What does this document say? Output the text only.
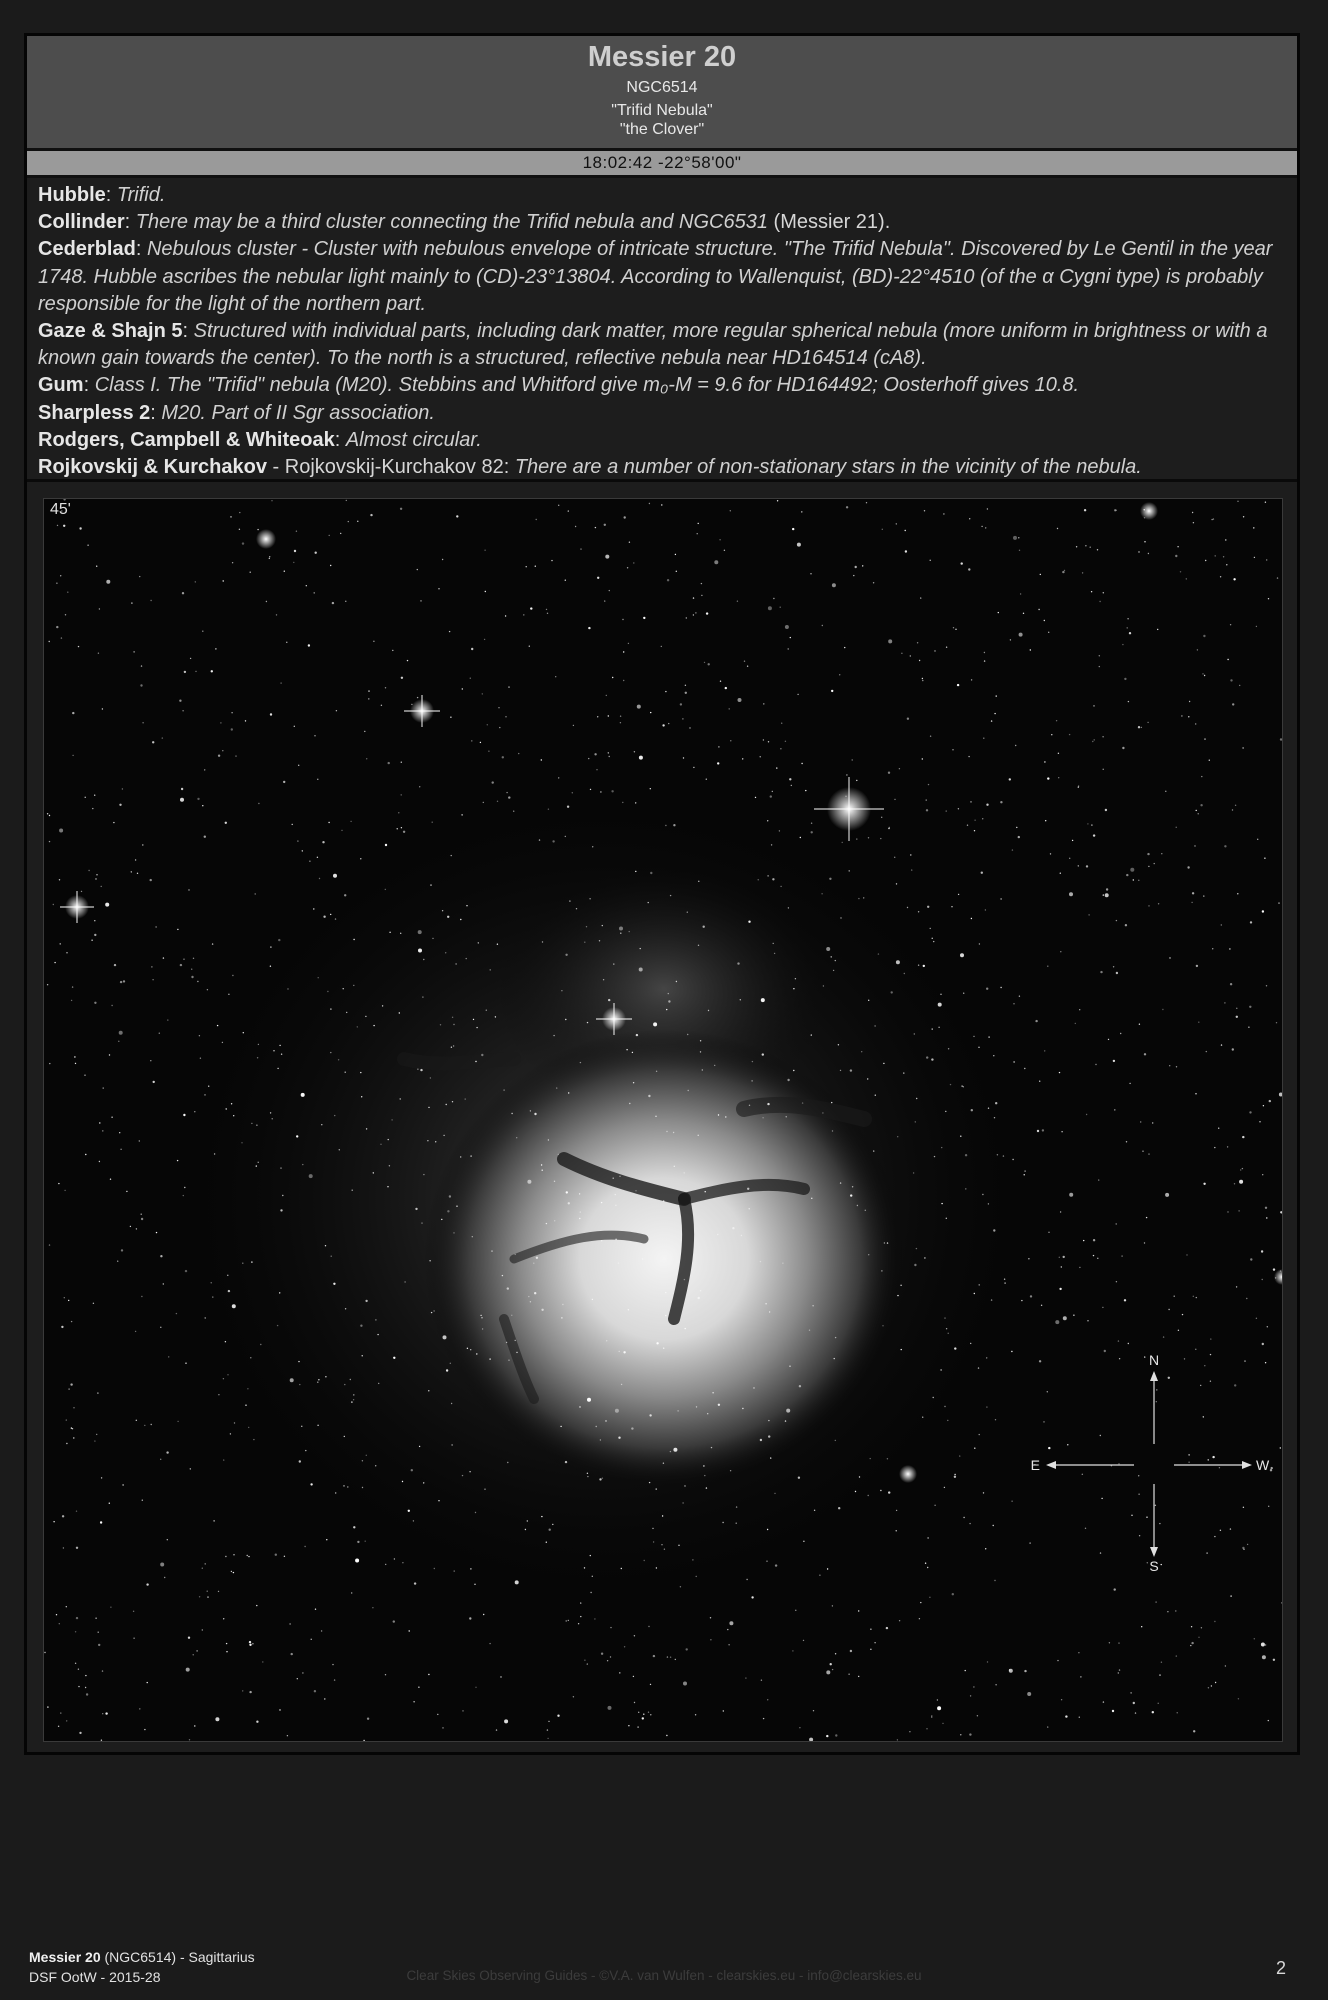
Messier 20
NGC6514
"Trifid Nebula"
"the Clover"
18:02:42 -22°58'00"

Hubble: Trifid.

Collinder: There may be a third cluster connecting the Trifid nebula and NGC6531 (Messier 21).

Cederblad: Nebulous cluster - Cluster with nebulous envelope of intricate structure. "The Trifid Nebula". Discovered by Le Gentil in the year 1748. Hubble ascribes the nebular light mainly to (CD)-23°13804. According to Wallenquist, (BD)-22°4510 (of the α Cygni type) is probably responsible for the light of the northern part.

Gaze & Shajn 5: Structured with individual parts, including dark matter, more regular spherical nebula (more uniform in brightness or with a known gain towards the center). To the north is a structured, reflective nebula near HD164514 (cA8).

Gum: Class I. The "Trifid" nebula (M20). Stebbins and Whitford give m₀-M = 9.6 for HD164492; Oosterhoff gives 10.8.

Sharpless 2: M20. Part of II Sgr association.

Rodgers, Campbell & Whiteoak: Almost circular.

Rojkovskij & Kurchakov - Rojkovskij-Kurchakov 82: There are a number of non-stationary stars in the vicinity of the nebula.

N
S
E	W
45'
Messier 20 (NGC6514) - Sagittarius
DSF OotW - 2015-28	Clear Skies Observing Guides - ©V.A. van Wulfen - clearskies.eu - info@clearskies.eu	2
